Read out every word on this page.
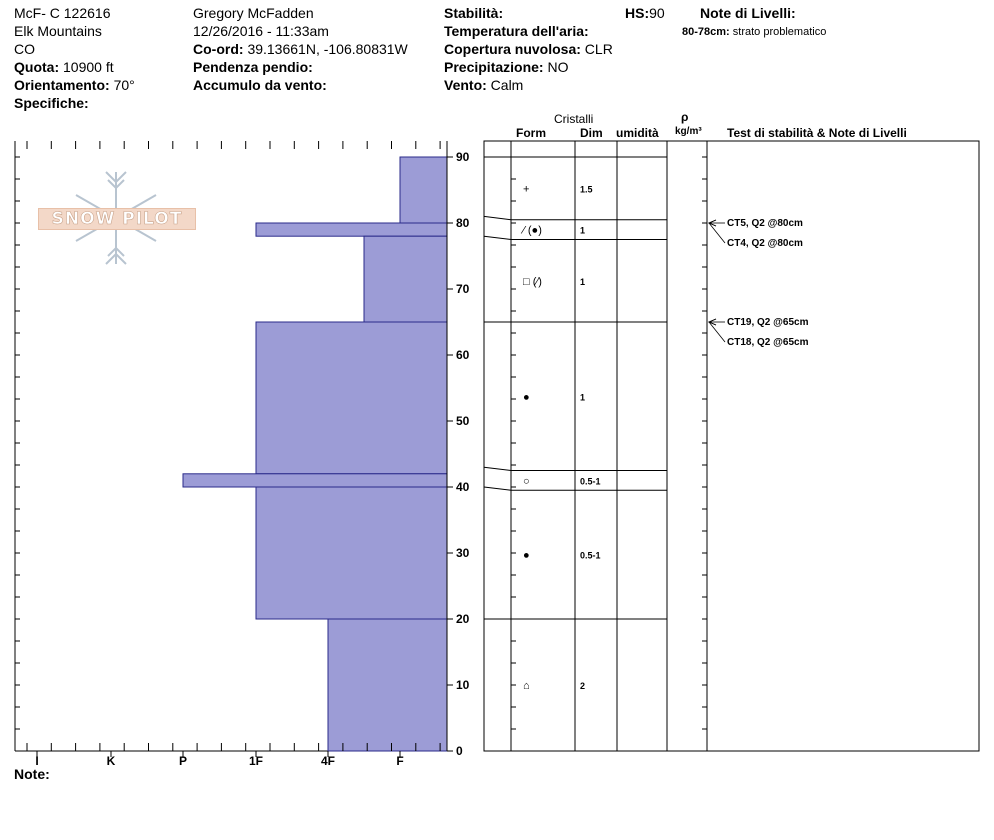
McF- C 122616
Elk Mountains
CO
Quota: 10900 ft
Orientamento: 70°
Specifiche:
Gregory McFadden
12/26/2016 - 11:33am
Co-ord: 39.13661N, -106.80831W
Pendenza pendio:
Accumulo da vento:
Stabilità:
Temperatura dell'aria:
Copertura nuvolosa: CLR
Precipitazione: NO
Vento: Calm
HS:90	Note di Livelli:
80-78cm: strato problematico
Cristalli
Form	Dim umidità
ρ
kg/m³ Test di stabilità & Note di Livelli
SNOW PILOT
Note:
I	K	P	1F	4F	F
0
10
20
30
40
50
60
70
80
90
+	1.5
⁄ (●)	1
□ (⁄)	1
●	1
○	0.5-1
●	0.5-1
⌂	2
CT19, Q2 @65cm
CT18, Q2 @65cm
CT5, Q2 @80cm
CT4, Q2 @80cm
